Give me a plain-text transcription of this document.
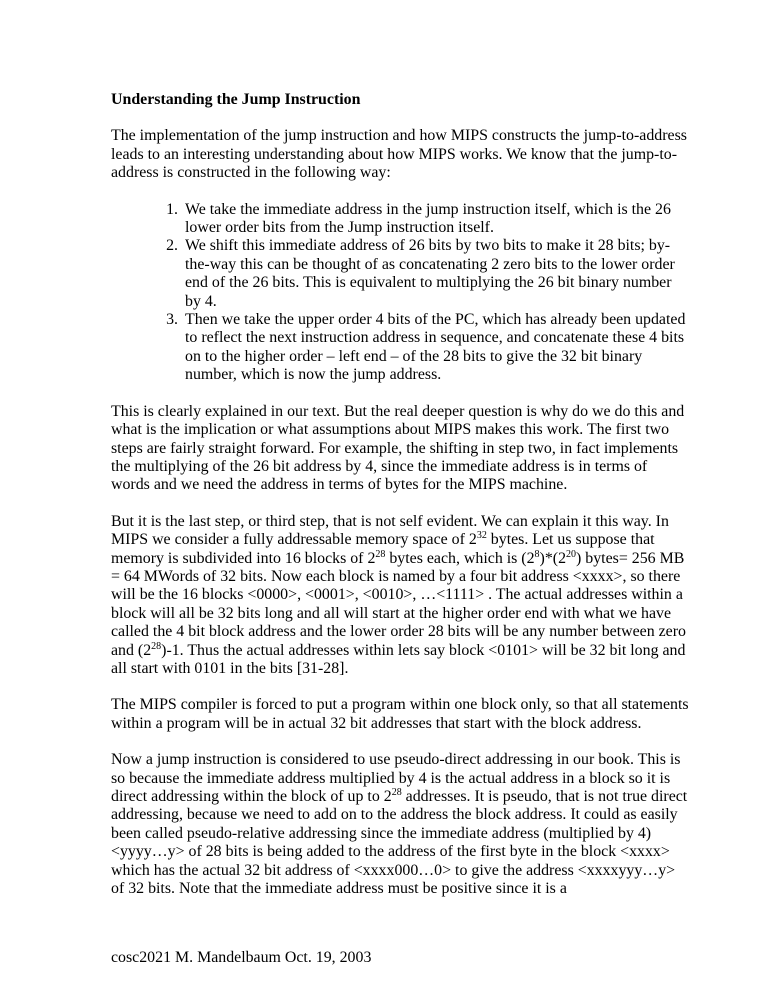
Understanding the Jump Instruction

The implementation of the jump instruction and how MIPS constructs the jump-to-address leads to an interesting understanding about how MIPS works. We know that the jump-to-address is constructed in the following way:

1. We take the immediate address in the jump instruction itself, which is the 26 lower order bits from the Jump instruction itself.
2. We shift this immediate address of 26 bits by two bits to make it 28 bits; by-the-way this can be thought of as concatenating 2 zero bits to the lower order end of the 26 bits. This is equivalent to multiplying the 26 bit binary number by 4.
3. Then we take the upper order 4 bits of the PC, which has already been updated to reflect the next instruction address in sequence, and concatenate these 4 bits on to the higher order – left end – of the 28 bits to give the 32 bit binary number, which is now the jump address.

This is clearly explained in our text. But the real deeper question is why do we do this and what is the implication or what assumptions about MIPS makes this work. The first two steps are fairly straight forward. For example, the shifting in step two, in fact implements the multiplying of the 26 bit address by 4, since the immediate address is in terms of words and we need the address in terms of bytes for the MIPS machine.

But it is the last step, or third step, that is not self evident. We can explain it this way. In MIPS we consider a fully addressable memory space of $2^{32}$ bytes. Let us suppose that memory is subdivided into 16 blocks of $2^{28}$ bytes each, which is $(2^8)*(2^{20})$ bytes= 256 MB = 64 MWords of 32 bits. Now each block is named by a four bit address <xxxx>, so there will be the 16 blocks <0000>, <0001>, <0010>, …<1111> . The actual addresses within a block will all be 32 bits long and all will start at the higher order end with what we have called the 4 bit block address and the lower order 28 bits will be any number between zero and $(2^{28})-1$. Thus the actual addresses within lets say block <0101> will be 32 bit long and all start with 0101 in the bits [31-28].

The MIPS compiler is forced to put a program within one block only, so that all statements within a program will be in actual 32 bit addresses that start with the block address.

Now a jump instruction is considered to use pseudo-direct addressing in our book. This is so because the immediate address multiplied by 4 is the actual address in a block so it is direct addressing within the block of up to $2^{28}$ addresses. It is pseudo, that is not true direct addressing, because we need to add on to the address the block address. It could as easily been called pseudo-relative addressing since the immediate address (multiplied by 4) <yyyy…y> of 28 bits is being added to the address of the first byte in the block <xxxx> which has the actual 32 bit address of <xxxx000…0> to give the address <xxxxyyy…y> of 32 bits. Note that the immediate address must be positive since it is a

cosc2021 M. Mandelbaum Oct. 19, 2003
